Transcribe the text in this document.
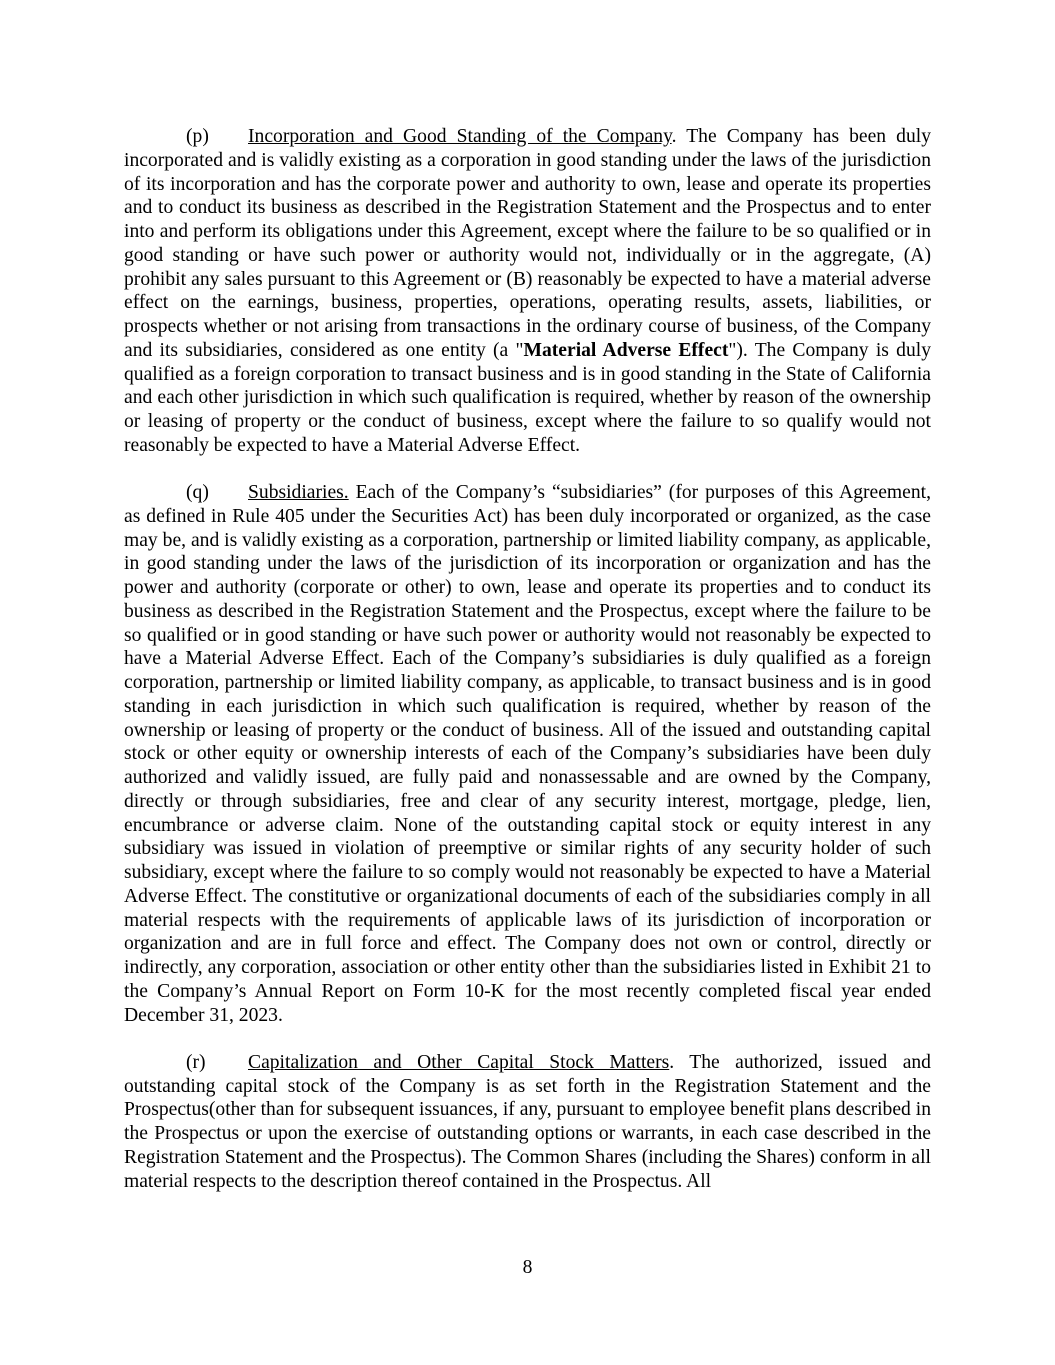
(p) Incorporation and Good Standing of the Company. The Company has been duly incorporated and is validly existing as a corporation in good standing under the laws of the jurisdiction of its incorporation and has the corporate power and authority to own, lease and operate its properties and to conduct its business as described in the Registration Statement and the Prospectus and to enter into and perform its obligations under this Agreement, except where the failure to be so qualified or in good standing or have such power or authority would not, individually or in the aggregate, (A) prohibit any sales pursuant to this Agreement or (B) reasonably be expected to have a material adverse effect on the earnings, business, properties, operations, operating results, assets, liabilities, or prospects whether or not arising from transactions in the ordinary course of business, of the Company and its subsidiaries, considered as one entity (a "Material Adverse Effect"). The Company is duly qualified as a foreign corporation to transact business and is in good standing in the State of California and each other jurisdiction in which such qualification is required, whether by reason of the ownership or leasing of property or the conduct of business, except where the failure to so qualify would not reasonably be expected to have a Material Adverse Effect.

(q) Subsidiaries. Each of the Company’s “subsidiaries” (for purposes of this Agreement, as defined in Rule 405 under the Securities Act) has been duly incorporated or organized, as the case may be, and is validly existing as a corporation, partnership or limited liability company, as applicable, in good standing under the laws of the jurisdiction of its incorporation or organization and has the power and authority (corporate or other) to own, lease and operate its properties and to conduct its business as described in the Registration Statement and the Prospectus, except where the failure to be so qualified or in good standing or have such power or authority would not reasonably be expected to have a Material Adverse Effect. Each of the Company’s subsidiaries is duly qualified as a foreign corporation, partnership or limited liability company, as applicable, to transact business and is in good standing in each jurisdiction in which such qualification is required, whether by reason of the ownership or leasing of property or the conduct of business. All of the issued and outstanding capital stock or other equity or ownership interests of each of the Company’s subsidiaries have been duly authorized and validly issued, are fully paid and nonassessable and are owned by the Company, directly or through subsidiaries, free and clear of any security interest, mortgage, pledge, lien, encumbrance or adverse claim. None of the outstanding capital stock or equity interest in any subsidiary was issued in violation of preemptive or similar rights of any security holder of such subsidiary, except where the failure to so comply would not reasonably be expected to have a Material Adverse Effect. The constitutive or organizational documents of each of the subsidiaries comply in all material respects with the requirements of applicable laws of its jurisdiction of incorporation or organization and are in full force and effect. The Company does not own or control, directly or indirectly, any corporation, association or other entity other than the subsidiaries listed in Exhibit 21 to the Company’s Annual Report on Form 10-K for the most recently completed fiscal year ended December 31, 2023.

(r) Capitalization and Other Capital Stock Matters. The authorized, issued and outstanding capital stock of the Company is as set forth in the Registration Statement and the Prospectus(other than for subsequent issuances, if any, pursuant to employee benefit plans described in the Prospectus or upon the exercise of outstanding options or warrants, in each case described in the Registration Statement and the Prospectus). The Common Shares (including the Shares) conform in all material respects to the description thereof contained in the Prospectus. All

8
